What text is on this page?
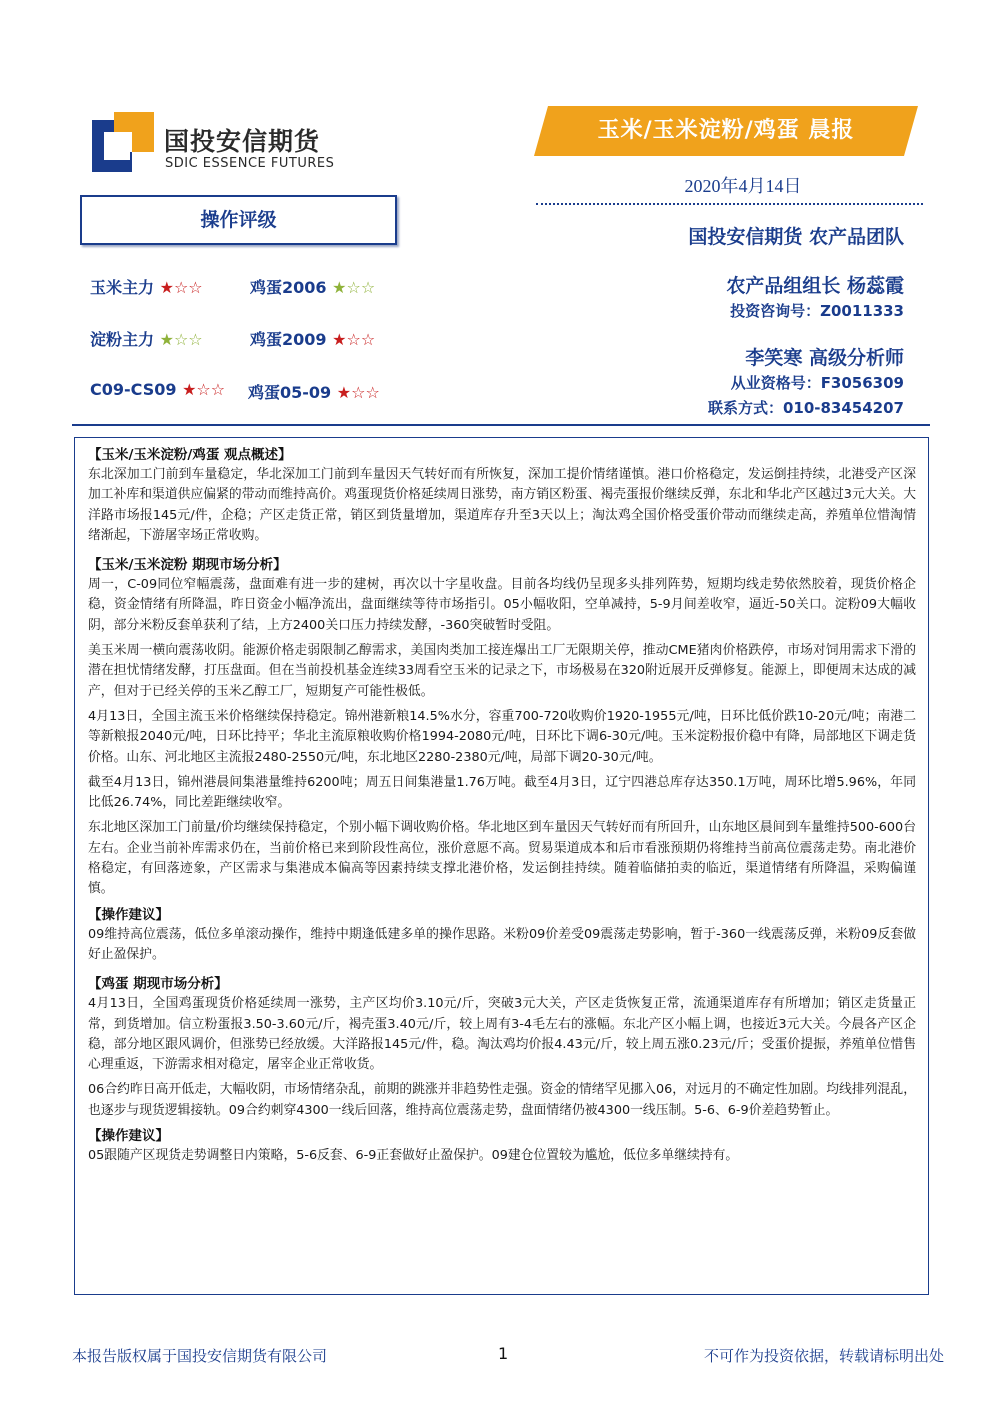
国投安信期货
SDIC ESSENCE FUTURES
玉米/玉米淀粉/鸡蛋 晨报
2020年4月14日
国投安信期货 农产品团队
农产品组组长 杨蕊霞
投资咨询号：Z0011333
李笑寒 高级分析师
从业资格号：F3056309
联系方式：010-83454207
操作评级
玉米主力 ★☆☆	鸡蛋2006 ★☆☆
淀粉主力 ★☆☆	鸡蛋2009 ★☆☆
C09-CS09 ★☆☆ 鸡蛋05-09 ★☆☆
【玉米/玉米淀粉/鸡蛋 观点概述】
东北深加工门前到车量稳定，华北深加工门前到车量因天气转好而有所恢复，深加工提价情绪谨慎。港口价格稳定，发运倒挂持续，北港受产区深加工补库和渠道供应偏紧的带动而维持高价。鸡蛋现货价格延续周日涨势，南方销区粉蛋、褐壳蛋报价继续反弹，东北和华北产区越过3元大关。大洋路市场报145元/件，企稳；产区走货正常，销区到货量增加，渠道库存升至3天以上；淘汰鸡全国价格受蛋价带动而继续走高，养殖单位惜淘情绪渐起，下游屠宰场正常收购。
【玉米/玉米淀粉 期现市场分析】
周一，C-09同位窄幅震荡，盘面难有进一步的建树，再次以十字星收盘。目前各均线仍呈现多头排列阵势，短期均线走势依然胶着，现货价格企稳，资金情绪有所降温，昨日资金小幅净流出，盘面继续等待市场指引。05小幅收阳，空单减持，5-9月间差收窄，逼近-50关口。淀粉09大幅收阴，部分米粉反套单获利了结，上方2400关口压力持续发酵，-360突破暂时受阻。
美玉米周一横向震荡收阴。能源价格走弱限制乙醇需求，美国肉类加工接连爆出工厂无限期关停，推动CME猪肉价格跌停，市场对饲用需求下滑的潜在担忧情绪发酵，打压盘面。但在当前投机基金连续33周看空玉米的记录之下，市场极易在320附近展开反弹修复。能源上，即便周末达成的减产，但对于已经关停的玉米乙醇工厂，短期复产可能性极低。
4月13日，全国主流玉米价格继续保持稳定。锦州港新粮14.5%水分，容重700-720收购价1920-1955元/吨，日环比低价跌10-20元/吨；南港二等新粮报2040元/吨，日环比持平；华北主流原粮收购价格1994-2080元/吨，日环比下调6-30元/吨。玉米淀粉报价稳中有降，局部地区下调走货价格。山东、河北地区主流报2480-2550元/吨，东北地区2280-2380元/吨，局部下调20-30元/吨。
截至4月13日，锦州港晨间集港量维持6200吨；周五日间集港量1.76万吨。截至4月3日，辽宁四港总库存达350.1万吨，周环比增5.96%，年同比低26.74%，同比差距继续收窄。
东北地区深加工门前量/价均继续保持稳定，个别小幅下调收购价格。华北地区到车量因天气转好而有所回升，山东地区晨间到车量维持500-600台左右。企业当前补库需求仍在，当前价格已来到阶段性高位，涨价意愿不高。贸易渠道成本和后市看涨预期仍将维持当前高位震荡走势。南北港价格稳定，有回落迹象，产区需求与集港成本偏高等因素持续支撑北港价格，发运倒挂持续。随着临储拍卖的临近，渠道情绪有所降温，采购偏谨慎。
【操作建议】
09维持高位震荡，低位多单滚动操作，维持中期逢低建多单的操作思路。米粉09价差受09震荡走势影响，暂于-360一线震荡反弹，米粉09反套做好止盈保护。
【鸡蛋 期现市场分析】
4月13日，全国鸡蛋现货价格延续周一涨势，主产区均价3.10元/斤，突破3元大关，产区走货恢复正常，流通渠道库存有所增加；销区走货量正常，到货增加。信立粉蛋报3.50-3.60元/斤，褐壳蛋3.40元/斤，较上周有3-4毛左右的涨幅。东北产区小幅上调，也接近3元大关。今晨各产区企稳，部分地区跟风调价，但涨势已经放缓。大洋路报145元/件，稳。淘汰鸡均价报4.43元/斤，较上周五涨0.23元/斤；受蛋价提振，养殖单位惜售心理重返，下游需求相对稳定，屠宰企业正常收货。
06合约昨日高开低走，大幅收阴，市场情绪杂乱，前期的跳涨并非趋势性走强。资金的情绪罕见挪入06，对远月的不确定性加剧。均线排列混乱，也逐步与现货逻辑接轨。09合约刺穿4300一线后回落，维持高位震荡走势，盘面情绪仍被4300一线压制。5-6、6-9价差趋势暂止。
【操作建议】
05跟随产区现货走势调整日内策略，5-6反套、6-9正套做好止盈保护。09建仓位置较为尴尬，低位多单继续持有。
本报告版权属于国投安信期货有限公司	1	不可作为投资依据，转载请标明出处
